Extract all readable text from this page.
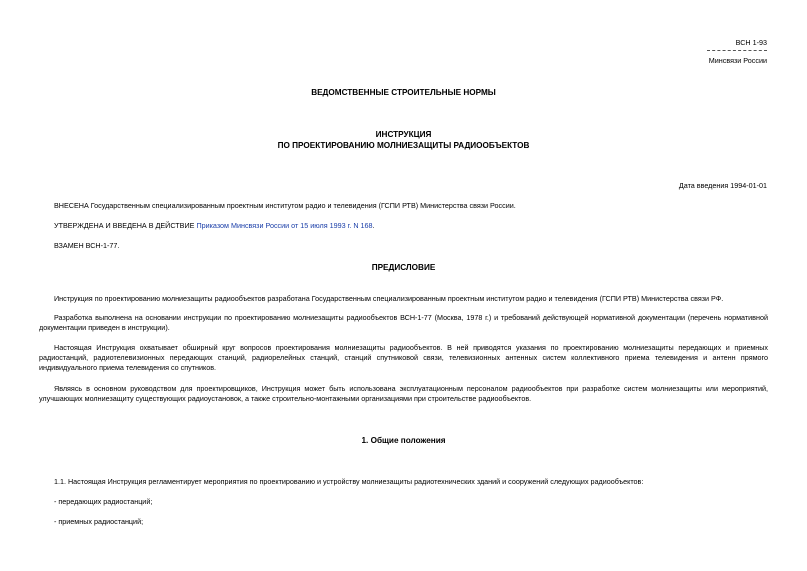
ВСН 1-93
Минсвязи России
ВЕДОМСТВЕННЫЕ СТРОИТЕЛЬНЫЕ НОРМЫ
ИНСТРУКЦИЯ
ПО ПРОЕКТИРОВАНИЮ МОЛНИЕЗАЩИТЫ РАДИООБЪЕКТОВ
Дата введения 1994-01-01
ВНЕСЕНА Государственным специализированным проектным институтом радио и телевидения (ГСПИ РТВ) Министерства связи России.
УТВЕРЖДЕНА И ВВЕДЕНА В ДЕЙСТВИЕ Приказом Минсвязи России от 15 июля 1993 г. N 168.
ВЗАМЕН ВСН-1-77.
ПРЕДИСЛОВИЕ
Инструкция по проектированию молниезащиты радиообъектов разработана Государственным специализированным проектным институтом радио и телевидения (ГСПИ РТВ) Министерства связи РФ.
Разработка выполнена на основании инструкции по проектированию молниезащиты радиообъектов ВСН-1-77 (Москва, 1978 г.) и требований действующей нормативной документации (перечень нормативной документации приведен в инструкции).
Настоящая Инструкция охватывает обширный круг вопросов проектирования молниезащиты радиообъектов. В ней приводятся указания по проектированию молниезащиты передающих и приемных радиостанций, радиотелевизионных передающих станций, радиорелейных станций, станций спутниковой связи, телевизионных антенных систем коллективного приема телевидения и антенн прямого индивидуального приема телевидения со спутников.
Являясь в основном руководством для проектировщиков, Инструкция может быть использована эксплуатационным персоналом радиообъектов при разработке систем молниезащиты или мероприятий, улучшающих молниезащиту существующих радиоустановок, а также строительно-монтажными организациями при строительстве радиообъектов.
1. Общие положения
1.1. Настоящая Инструкция регламентирует мероприятия по проектированию и устройству молниезащиты радиотехнических зданий и сооружений следующих радиообъектов:
- передающих радиостанций;
- приемных радиостанций;
